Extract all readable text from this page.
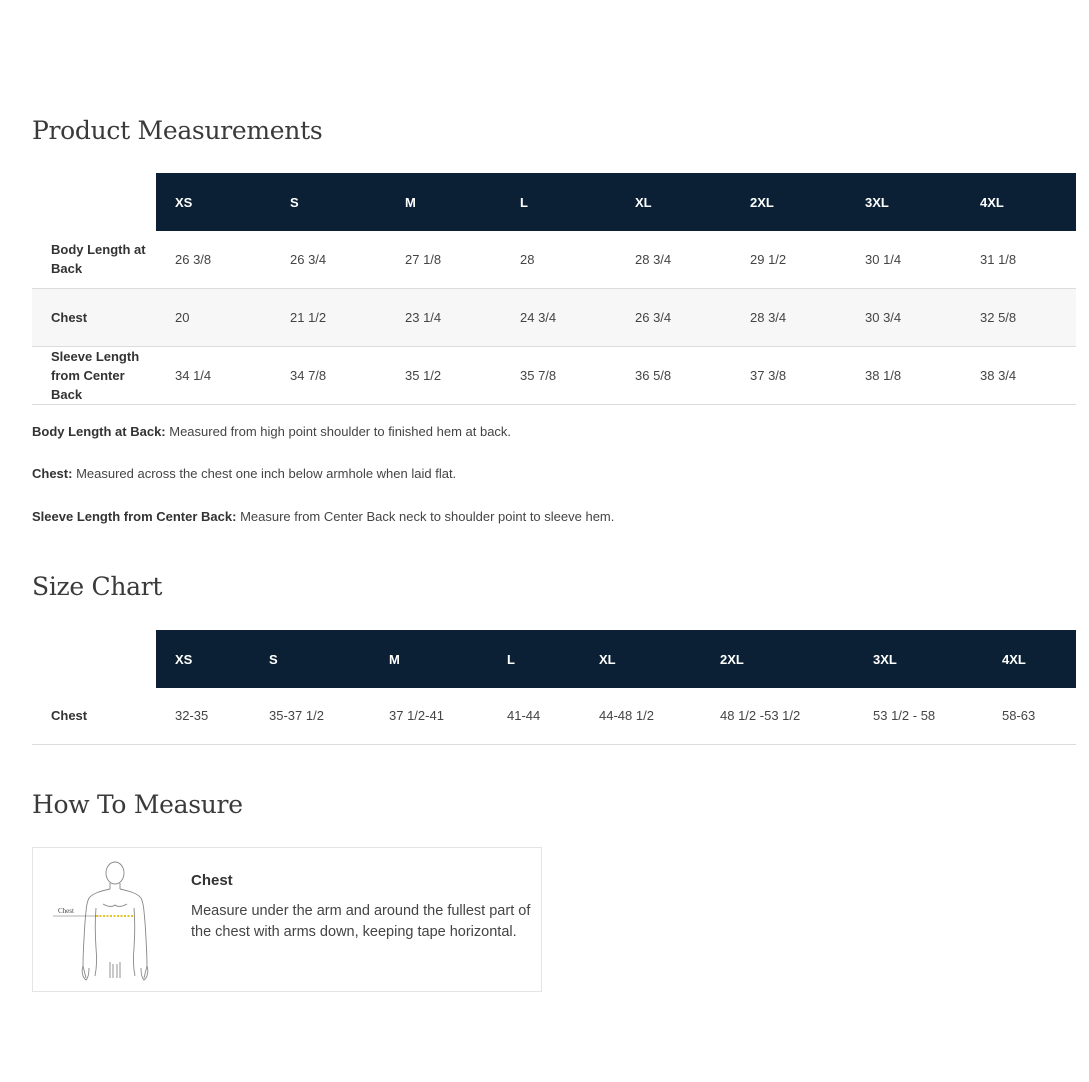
Product Measurements
	XS	S	M	L	XL	2XL	3XL	4XL
Body Length at Back	26 3/8	26 3/4	27 1/8	28	28 3/4	29 1/2	30 1/4	31 1/8
Chest	20	21 1/2	23 1/4	24 3/4	26 3/4	28 3/4	30 3/4	32 5/8
Sleeve Length from Center Back	34 1/4	34 7/8	35 1/2	35 7/8	36 5/8	37 3/8	38 1/8	38 3/4

Body Length at Back: Measured from high point shoulder to finished hem at back.

Chest: Measured across the chest one inch below armhole when laid flat.

Sleeve Length from Center Back: Measure from Center Back neck to shoulder point to sleeve hem.

Size Chart
	XS	S	M	L	XL	2XL	3XL	4XL
Chest	32-35	35-37 1/2	37 1/2-41	41-44	44-48 1/2	48 1/2 -53 1/2	53 1/2 - 58	58-63
How To Measure
Chest
Chest
Measure under the arm and around the fullest part of the chest with arms down, keeping tape horizontal.
